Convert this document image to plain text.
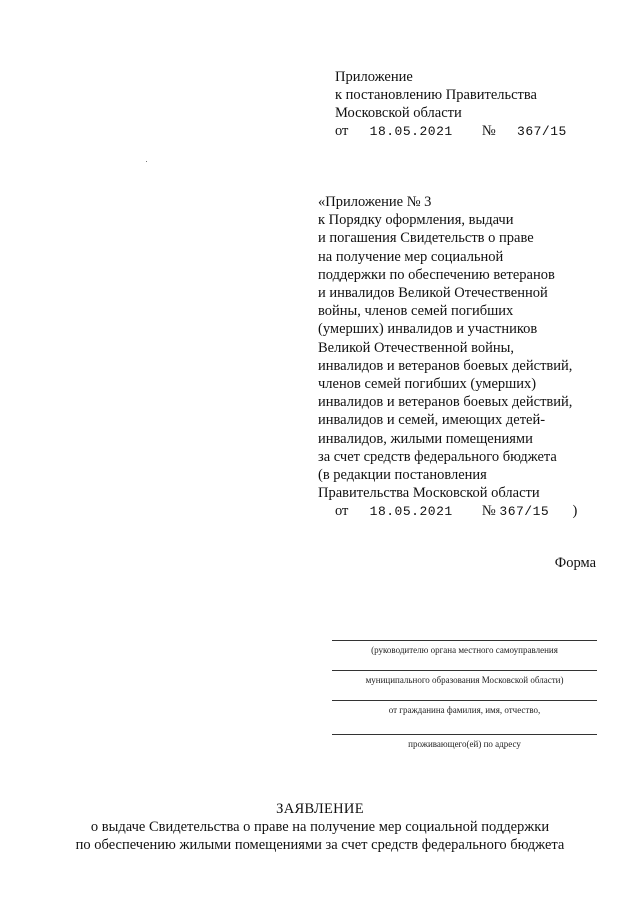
Приложение
к постановлению Правительства
Московской области
от 18.05.2021 № 367/15
«Приложение № 3
к Порядку оформления, выдачи
и погашения Свидетельств о праве
на получение мер социальной
поддержки по обеспечению ветеранов
и инвалидов Великой Отечественной
войны, членов семей погибших
(умерших) инвалидов и участников
Великой Отечественной войны,
инвалидов и ветеранов боевых действий,
членов семей погибших (умерших)
инвалидов и ветеранов боевых действий,
инвалидов и семей, имеющих детей-
инвалидов, жилыми помещениями
за счет средств федерального бюджета
(в редакции постановления
Правительства Московской области
от 18.05.2021 № 367/15 )
Форма
(руководителю органа местного самоуправления
муниципального образования Московской области)
от гражданина фамилия, имя, отчество,
проживающего(ей) по адресу
ЗАЯВЛЕНИЕ
о выдаче Свидетельства о праве на получение мер социальной поддержки
по обеспечению жилыми помещениями за счет средств федерального бюджета
